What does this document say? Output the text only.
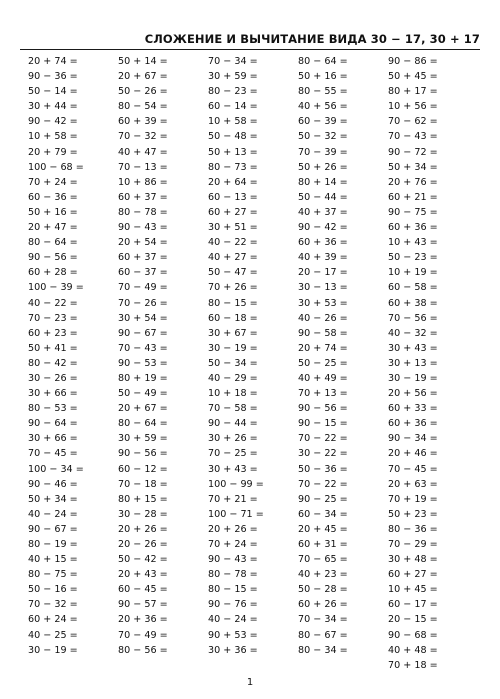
СЛОЖЕНИЕ И ВЫЧИТАНИЕ ВИДА 30 − 17, 30 + 17
20 + 74 =
90 − 36 =
50 − 14 =
30 + 44 =
90 − 42 =
10 + 58 =
20 + 79 =
100 − 68 =
70 + 24 =
60 − 36 =
50 + 16 =
20 + 47 =
80 − 64 =
90 − 56 =
60 + 28 =
100 − 39 =
40 − 22 =
70 − 23 =
60 + 23 =
50 + 41 =
80 − 42 =
30 − 26 =
30 + 66 =
80 − 53 =
90 − 64 =
30 + 66 =
70 − 45 =
100 − 34 =
90 − 46 =
50 + 34 =
40 − 24 =
90 − 67 =
80 − 19 =
40 + 15 =
80 − 75 =
50 − 16 =
70 − 32 =
60 + 24 =
40 − 25 =
30 − 19 =
50 + 14 =
20 + 67 =
50 − 26 =
80 − 54 =
60 + 39 =
70 − 32 =
40 + 47 =
70 − 13 =
10 + 86 =
60 + 37 =
80 − 78 =
90 − 43 =
20 + 54 =
60 + 37 =
60 − 37 =
70 − 49 =
70 − 26 =
30 + 54 =
90 − 67 =
70 − 43 =
90 − 53 =
80 + 19 =
50 − 49 =
20 + 67 =
80 − 64 =
30 + 59 =
90 − 56 =
60 − 12 =
70 − 18 =
80 + 15 =
30 − 28 =
20 + 26 =
20 − 26 =
50 − 42 =
20 + 43 =
60 − 45 =
90 − 57 =
20 + 36 =
70 − 49 =
80 − 56 =
70 − 34 =
30 + 59 =
80 − 23 =
60 − 14 =
10 + 58 =
50 − 48 =
50 + 13 =
80 − 73 =
20 + 64 =
60 − 13 =
60 + 27 =
30 + 51 =
40 − 22 =
40 + 27 =
50 − 47 =
70 + 26 =
80 − 15 =
60 − 18 =
30 + 67 =
30 − 19 =
50 − 34 =
40 − 29 =
10 + 18 =
70 − 58 =
90 − 44 =
30 + 26 =
70 − 25 =
30 + 43 =
100 − 99 =
70 + 21 =
100 − 71 =
20 + 26 =
70 + 24 =
90 − 43 =
80 − 78 =
80 − 15 =
90 − 76 =
40 − 24 =
90 + 53 =
30 + 36 =
80 − 64 =
50 + 16 =
80 − 55 =
40 + 56 =
60 − 39 =
50 − 32 =
70 − 39 =
50 + 26 =
80 + 14 =
50 − 44 =
40 + 37 =
90 − 42 =
60 + 36 =
40 + 39 =
20 − 17 =
30 − 13 =
30 + 53 =
40 − 26 =
90 − 58 =
20 + 74 =
50 − 25 =
40 + 49 =
70 + 13 =
90 − 56 =
90 − 15 =
70 − 22 =
30 − 22 =
50 − 36 =
70 − 22 =
90 − 25 =
60 − 34 =
20 + 45 =
60 + 31 =
70 − 65 =
40 + 23 =
50 − 28 =
60 + 26 =
70 − 34 =
80 − 67 =
80 − 34 =
90 − 86 =
50 + 45 =
80 + 17 =
10 + 56 =
70 − 62 =
70 − 43 =
90 − 72 =
50 + 34 =
20 + 76 =
60 + 21 =
90 − 75 =
60 + 36 =
10 + 43 =
50 − 23 =
10 + 19 =
60 − 58 =
60 + 38 =
70 − 56 =
40 − 32 =
30 + 43 =
30 + 13 =
30 − 19 =
20 + 56 =
60 + 33 =
60 + 36 =
90 − 34 =
20 + 46 =
70 − 45 =
20 + 63 =
70 + 19 =
50 + 23 =
80 − 36 =
70 − 29 =
30 + 48 =
60 + 27 =
10 + 45 =
60 − 17 =
20 − 15 =
90 − 68 =
40 + 48 =
70 + 18 =
1
